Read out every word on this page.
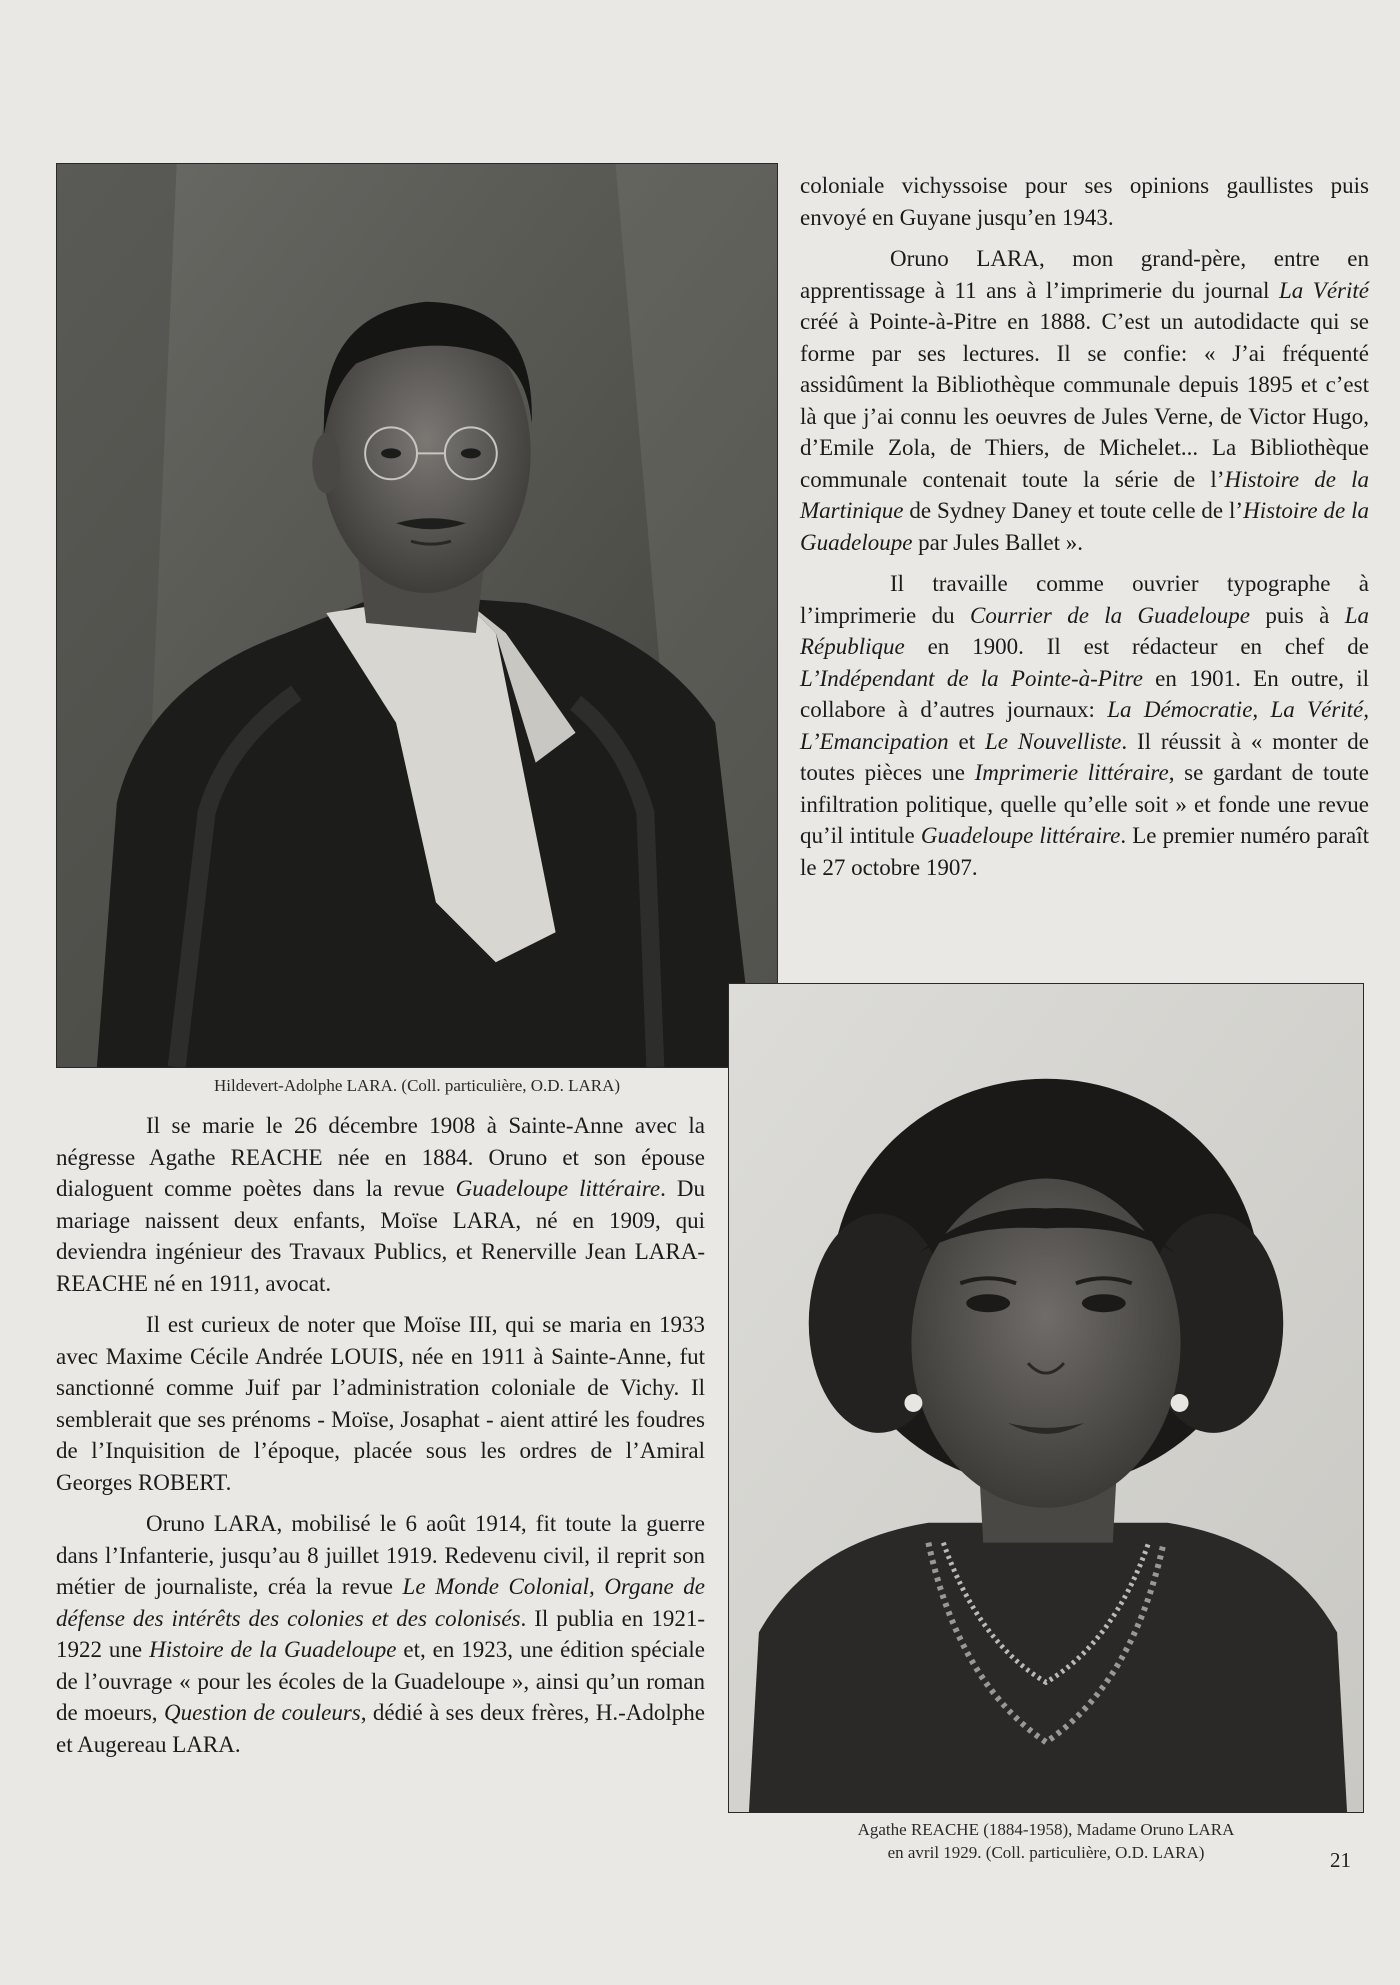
Hildevert-Adolphe LARA. (Coll. particulière, O.D. LARA)
Agathe REACHE (1884-1958), Madame Oruno LARA
en avril 1929. (Coll. particulière, O.D. LARA)

coloniale vichyssoise pour ses opinions gaullistes puis envoyé en Guyane jusqu’en 1943.

Oruno LARA, mon grand-père, entre en apprentissage à 11 ans à l’imprimerie du journal La Vérité créé à Pointe-à-Pitre en 1888. C’est un autodidacte qui se forme par ses lectures. Il se confie: « J’ai fréquenté assidûment la Bibliothèque communale depuis 1895 et c’est là que j’ai connu les oeuvres de Jules Verne, de Victor Hugo, d’Emile Zola, de Thiers, de Michelet... La Bibliothèque communale contenait toute la série de l’Histoire de la Martinique de Sydney Daney et toute celle de l’Histoire de la Guadeloupe par Jules Ballet ».

Il travaille comme ouvrier typographe à l’imprimerie du Courrier de la Guadeloupe puis à La République en 1900. Il est rédacteur en chef de L’Indépendant de la Pointe-à-Pitre en 1901. En outre, il collabore à d’autres journaux: La Démocratie, La Vérité, L’Emancipation et Le Nouvelliste. Il réussit à « monter de toutes pièces une Imprimerie littéraire, se gardant de toute infiltration politique, quelle qu’elle soit » et fonde une revue qu’il intitule Guadeloupe littéraire. Le premier numéro paraît le 27 octobre 1907.

Il se marie le 26 décembre 1908 à Sainte-Anne avec la négresse Agathe REACHE née en 1884. Oruno et son épouse dialoguent comme poètes dans la revue Guadeloupe littéraire. Du mariage naissent deux enfants, Moïse LARA, né en 1909, qui deviendra ingénieur des Travaux Publics, et Renerville Jean LARA-REACHE né en 1911, avocat.

Il est curieux de noter que Moïse III, qui se maria en 1933 avec Maxime Cécile Andrée LOUIS, née en 1911 à Sainte-Anne, fut sanctionné comme Juif par l’administration coloniale de Vichy. Il semblerait que ses prénoms - Moïse, Josaphat - aient attiré les foudres de l’Inquisition de l’époque, placée sous les ordres de l’Amiral Georges ROBERT.

Oruno LARA, mobilisé le 6 août 1914, fit toute la guerre dans l’Infanterie, jusqu’au 8 juillet 1919. Redevenu civil, il reprit son métier de journaliste, créa la revue Le Monde Colonial, Organe de défense des intérêts des colonies et des colonisés. Il publia en 1921-1922 une Histoire de la Guadeloupe et, en 1923, une édition spéciale de l’ouvrage « pour les écoles de la Guadeloupe », ainsi qu’un roman de moeurs, Question de couleurs, dédié à ses deux frères, H.-Adolphe et Augereau LARA.

21
